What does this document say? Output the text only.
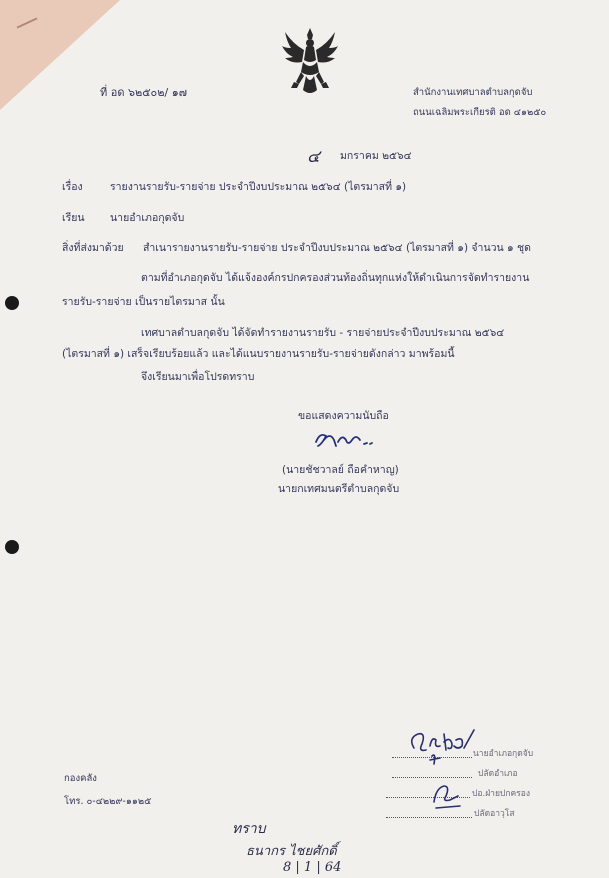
ที่ อด ๖๒๕๐๒/ ๑๗	สำนักงานเทศบาลตำบลกุดจับ
ถนนเฉลิมพระเกียรติ อด ๔๑๒๕๐
๔ มกราคม ๒๕๖๔
เรื่อง	รายงานรายรับ-รายจ่าย ประจำปีงบประมาณ ๒๕๖๔ (ไตรมาสที่ ๑)
เรียน นายอำเภอกุดจับ
สิ่งที่ส่งมาด้วย สำเนารายงานรายรับ-รายจ่าย ประจำปีงบประมาณ ๒๕๖๔ (ไตรมาสที่ ๑) จำนวน ๑ ชุด
ตามที่อำเภอกุดจับ ได้แจ้งองค์กรปกครองส่วนท้องถิ่นทุกแห่งให้ดำเนินการจัดทำรายงาน
รายรับ-รายจ่าย เป็นรายไตรมาส นั้น
เทศบาลตำบลกุดจับ ได้จัดทำรายงานรายรับ - รายจ่ายประจำปีงบประมาณ ๒๕๖๔
(ไตรมาสที่ ๑) เสร็จเรียบร้อยแล้ว และได้แนบรายงานรายรับ-รายจ่ายดังกล่าว มาพร้อมนี้
จึงเรียนมาเพื่อโปรดทราบ
ขอแสดงความนับถือ
(นายชัชวาลย์ ถือคำหาญ)
นายกเทศมนตรีตำบลกุดจับ
กองคลัง
โทร. ๐-๔๒๒๙-๑๑๒๕
นายอำเภอกุดจับ
ปลัดอำเภอ
ปอ.ฝ่ายปกครอง
ปลัดอาวุโส
ทราบ
ธนากร ไชยศักดิ์
8 | 1 | 64
